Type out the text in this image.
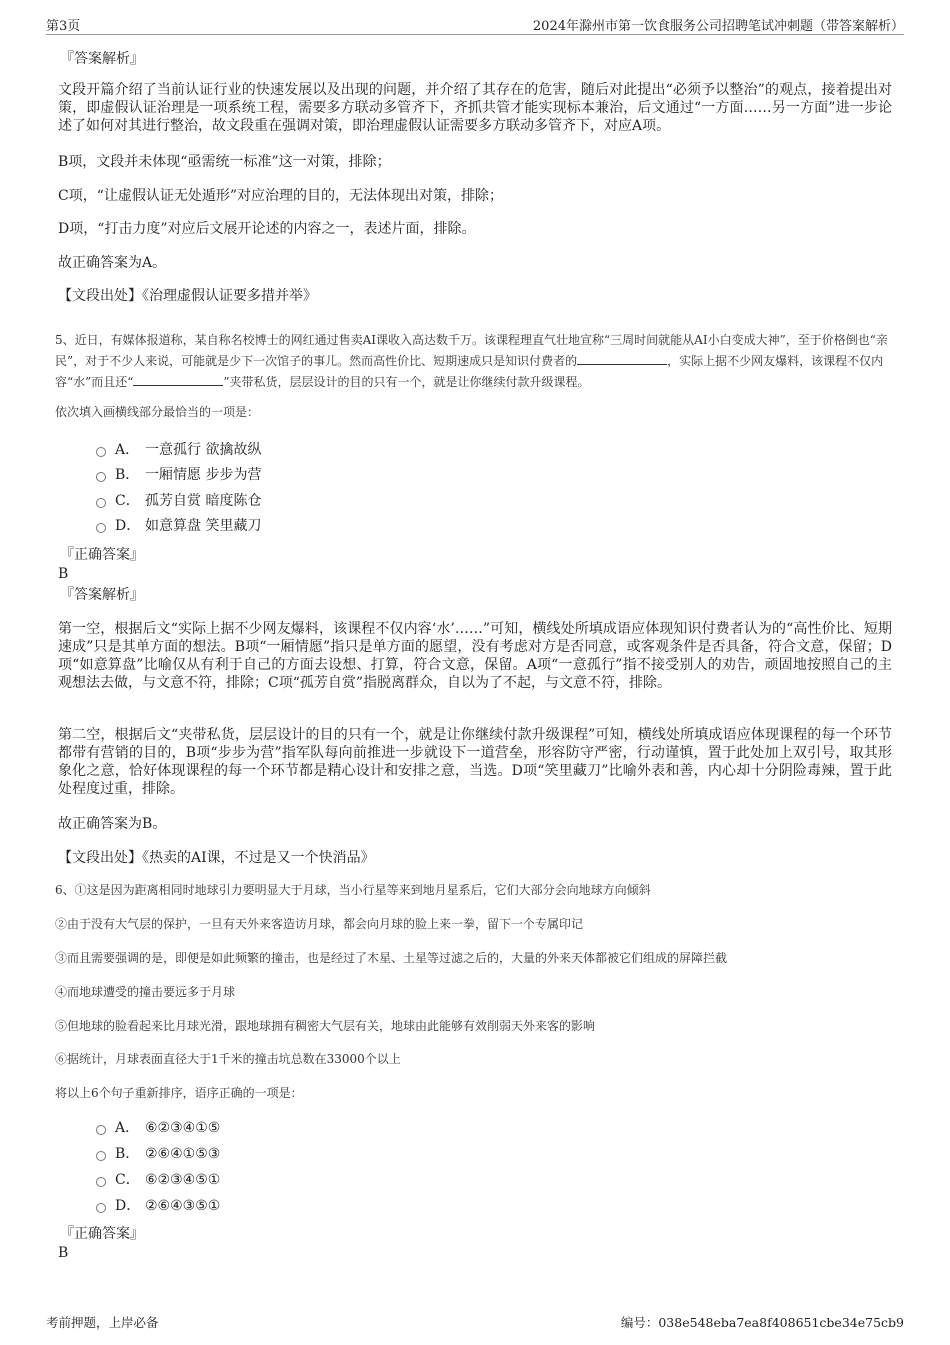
第3页	2024年滁州市第一饮食服务公司招聘笔试冲刺题（带答案解析）
『答案解析』
文段开篇介绍了当前认证行业的快速发展以及出现的问题，并介绍了其存在的危害，随后对此提出“必须予以整治”的观点，接着提出对策，即虚假认证治理是一项系统工程，需要多方联动多管齐下，齐抓共管才能实现标本兼治，后文通过“一方面……另一方面”进一步论述了如何对其进行整治，故文段重在强调对策，即治理虚假认证需要多方联动多管齐下，对应A项。
B项，文段并未体现“亟需统一标准”这一对策，排除；
C项，“让虚假认证无处遁形”对应治理的目的，无法体现出对策，排除；
D项，“打击力度”对应后文展开论述的内容之一，表述片面，排除。
故正确答案为A。
【文段出处】《治理虚假认证要多措并举》
5、近日，有媒体报道称，某自称名校博士的网红通过售卖AI课收入高达数千万。该课程理直气壮地宣称“三周时间就能从AI小白变成大神”，至于价格倒也“亲民”，对于不少人来说，可能就是少下一次馆子的事儿。然而高性价比、短期速成只是知识付费者的	，实际上据不少网友爆料，该课程不仅内容“水”而且还“	”夹带私货，层层设计的目的只有一个，就是让你继续付款升级课程。
依次填入画横线部分最恰当的一项是：
A． 一意孤行 欲擒故纵
B． 一厢情愿 步步为营
C． 孤芳自赏 暗度陈仓
D． 如意算盘 笑里藏刀
『正确答案』
B
『答案解析』
第一空，根据后文“实际上据不少网友爆料，该课程不仅内容‘水’……”可知，横线处所填成语应体现知识付费者认为的“高性价比、短期速成”只是其单方面的想法。B项“一厢情愿”指只是单方面的愿望，没有考虑对方是否同意，或客观条件是否具备，符合文意，保留；D项“如意算盘”比喻仅从有利于自己的方面去设想、打算，符合文意，保留。A项“一意孤行”指不接受别人的劝告，顽固地按照自己的主观想法去做，与文意不符，排除；C项“孤芳自赏”指脱离群众，自以为了不起，与文意不符，排除。
第二空，根据后文“夹带私货，层层设计的目的只有一个，就是让你继续付款升级课程”可知，横线处所填成语应体现课程的每一个环节都带有营销的目的，B项“步步为营”指军队每向前推进一步就设下一道营垒，形容防守严密，行动谨慎，置于此处加上双引号，取其形象化之意，恰好体现课程的每一个环节都是精心设计和安排之意，当选。D项“笑里藏刀”比喻外表和善，内心却十分阴险毒辣，置于此处程度过重，排除。
故正确答案为B。
【文段出处】《热卖的AI课，不过是又一个快消品》
6、①这是因为距离相同时地球引力要明显大于月球，当小行星等来到地月星系后，它们大部分会向地球方向倾斜
②由于没有大气层的保护，一旦有天外来客造访月球，都会向月球的脸上来一拳，留下一个专属印记
③而且需要强调的是，即便是如此频繁的撞击，也是经过了木星、土星等过滤之后的，大量的外来天体都被它们组成的屏障拦截
④而地球遭受的撞击要远多于月球
⑤但地球的脸看起来比月球光滑，跟地球拥有稠密大气层有关，地球由此能够有效削弱天外来客的影响
⑥据统计，月球表面直径大于1千米的撞击坑总数在33000个以上
将以上6个句子重新排序，语序正确的一项是：
A． ⑥②③④①⑤
B． ②⑥④①⑤③
C． ⑥②③④⑤①
D． ②⑥④③⑤①
『正确答案』
B
考前押题，上岸必备	编号：038e548eba7ea8f408651cbe34e75cb9
